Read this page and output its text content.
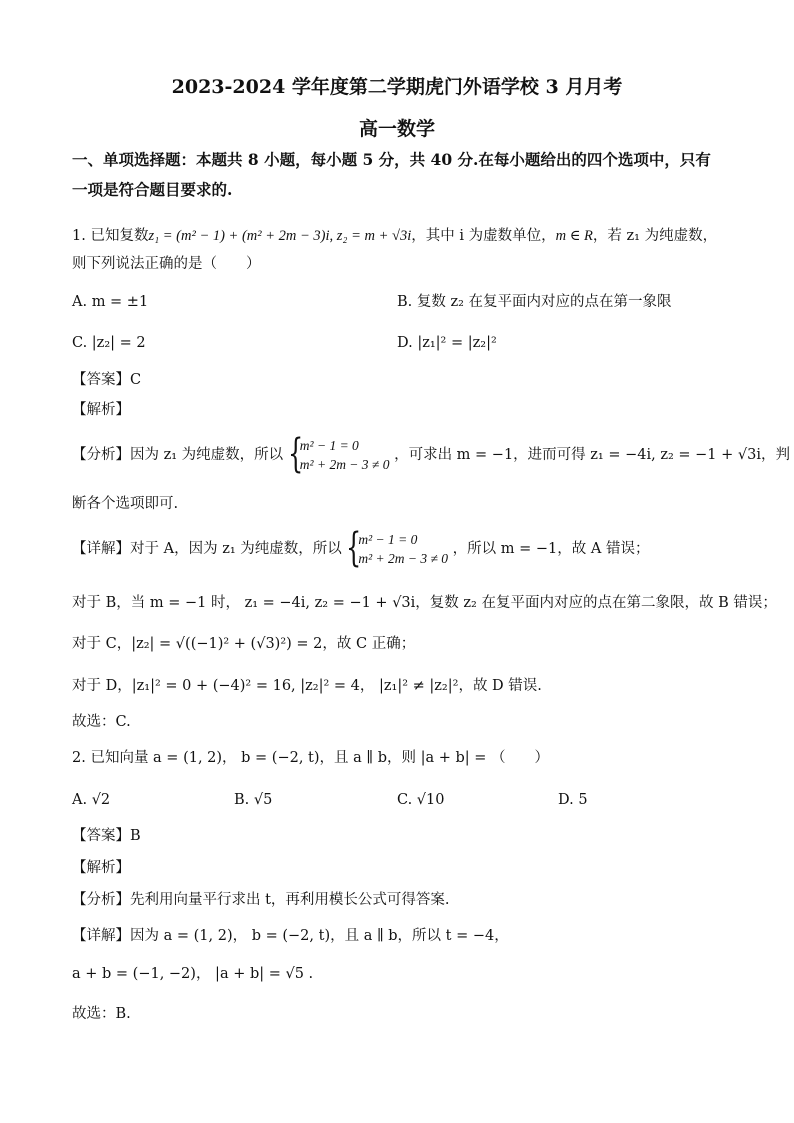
2023-2024 学年度第二学期虎门外语学校 3 月月考
高一数学
一、单项选择题：本题共 8 小题，每小题 5 分，共 40 分.在每小题给出的四个选项中，只有
一项是符合题目要求的.
1. 已知复数z₁ = (m² − 1) + (m² + 2m − 3)i, z₂ = m + √3i，其中 i 为虚数单位，m ∈ R，若 z₁ 为纯虚数，
则下列说法正确的是（　　）
A. m = ±1	B. 复数 z₂ 在复平面内对应的点在第一象限
C. |z₂| = 2	D. |z₁|² = |z₂|²
【答案】C
【解析】
【分析】因为 z₁ 为纯虚数，所以 {
m² − 1 = 0
m² + 2m − 3 ≠ 0
，可求出 m = −1，进而可得 z₁ = −4i, z₂ = −1 + √3i，判
断各个选项即可.
【详解】对于 A，因为 z₁ 为纯虚数，所以 {
m² − 1 = 0
m² + 2m − 3 ≠ 0
，所以 m = −1，故 A 错误；
对于 B，当 m = −1 时， z₁ = −4i, z₂ = −1 + √3i，复数 z₂ 在复平面内对应的点在第二象限，故 B 错误；
对于 C，|z₂| = √((−1)² + (√3)²) = 2，故 C 正确；
对于 D，|z₁|² = 0 + (−4)² = 16, |z₂|² = 4， |z₁|² ≠ |z₂|²，故 D 错误.
故选：C.
2. 已知向量 a = (1, 2)， b = (−2, t)，且 a ∥ b，则 |a + b| = （　　）
A. √2	B. √5	C. √10	D. 5
【答案】B
【解析】
【分析】先利用向量平行求出 t，再利用模长公式可得答案.
【详解】因为 a = (1, 2)， b = (−2, t)，且 a ∥ b，所以 t = −4，
a + b = (−1, −2)， |a + b| = √5 .
故选：B.
